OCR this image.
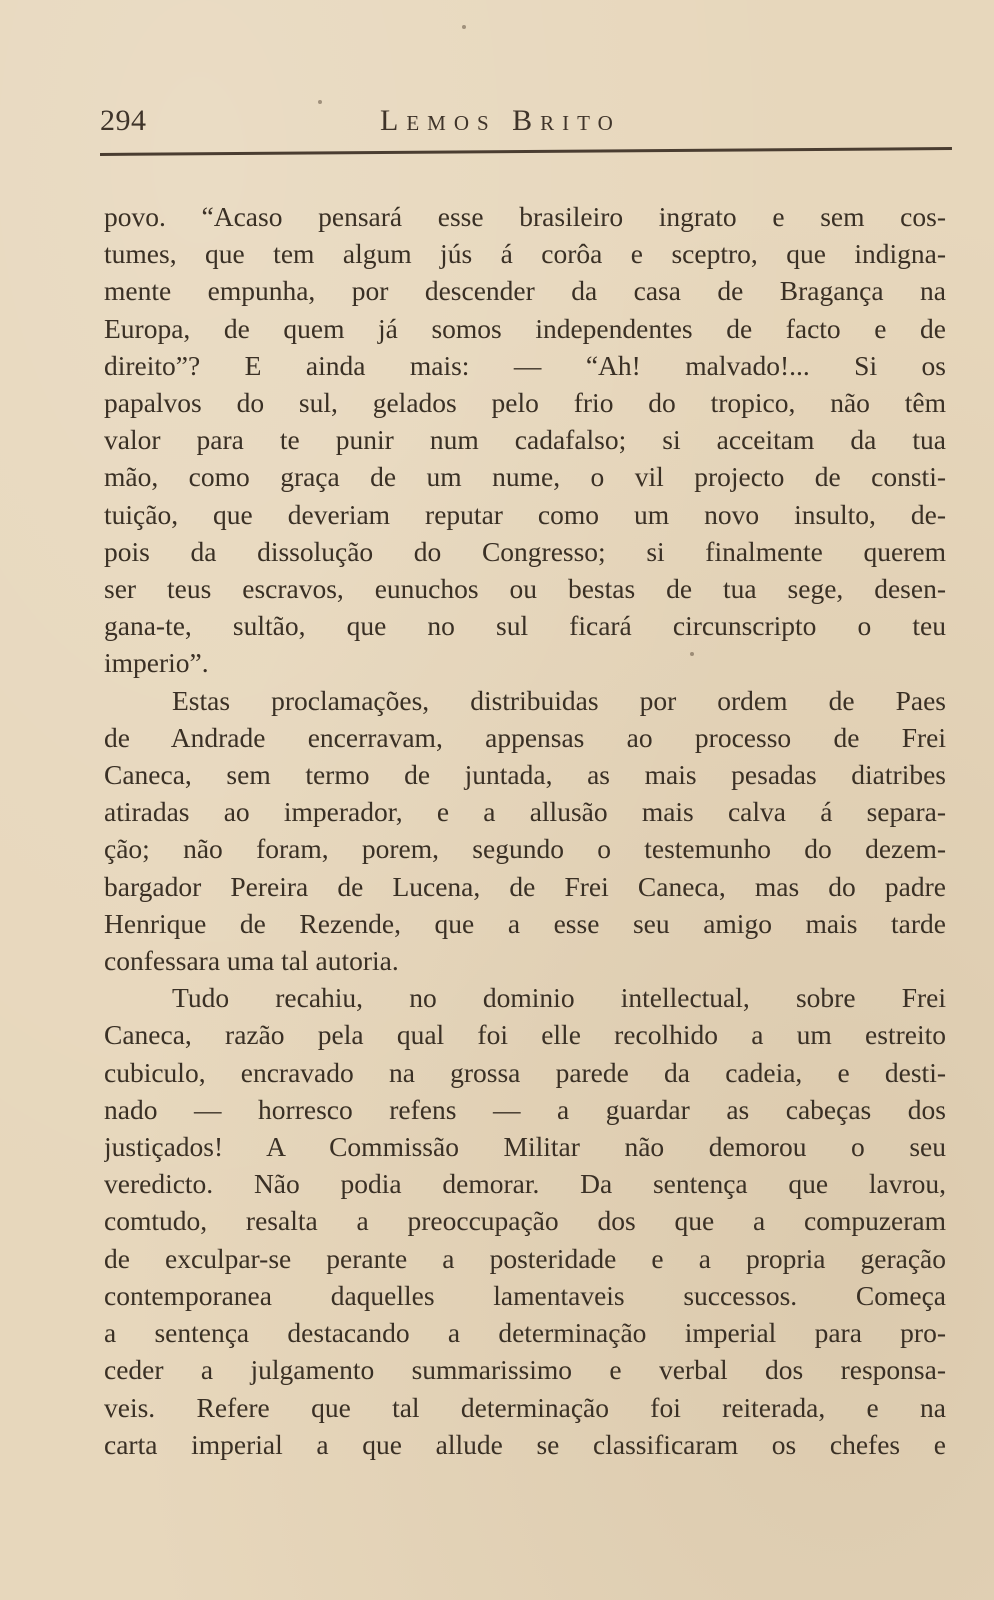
294	Lemos Brito
povo. “Acaso pensará esse brasileiro ingrato e sem cos-
tumes, que tem algum jús á corôa e sceptro, que indigna-
mente empunha, por descender da casa de Bragança na
Europa, de quem já somos independentes de facto e de
direito”? E ainda mais: — “Ah! malvado!... Si os
papalvos do sul, gelados pelo frio do tropico, não têm
valor para te punir num cadafalso; si acceitam da tua
mão, como graça de um nume, o vil projecto de consti-
tuição, que deveriam reputar como um novo insulto, de-
pois da dissolução do Congresso; si finalmente querem
ser teus escravos, eunuchos ou bestas de tua sege, desen-
gana-te, sultão, que no sul ficará circunscripto o teu
imperio”.
Estas proclamações, distribuidas por ordem de Paes
de Andrade encerravam, appensas ao processo de Frei
Caneca, sem termo de juntada, as mais pesadas diatribes
atiradas ao imperador, e a allusão mais calva á separa-
ção; não foram, porem, segundo o testemunho do dezem-
bargador Pereira de Lucena, de Frei Caneca, mas do padre
Henrique de Rezende, que a esse seu amigo mais tarde
confessara uma tal autoria.
Tudo recahiu, no dominio intellectual, sobre Frei
Caneca, razão pela qual foi elle recolhido a um estreito
cubiculo, encravado na grossa parede da cadeia, e desti-
nado — horresco refens — a guardar as cabeças dos
justiçados! A Commissão Militar não demorou o seu
veredicto. Não podia demorar. Da sentença que lavrou,
comtudo, resalta a preoccupação dos que a compuzeram
de exculpar-se perante a posteridade e a propria geração
contemporanea daquelles lamentaveis successos. Começa
a sentença destacando a determinação imperial para pro-
ceder a julgamento summarissimo e verbal dos responsa-
veis. Refere que tal determinação foi reiterada, e na
carta imperial a que allude se classificaram os chefes e
